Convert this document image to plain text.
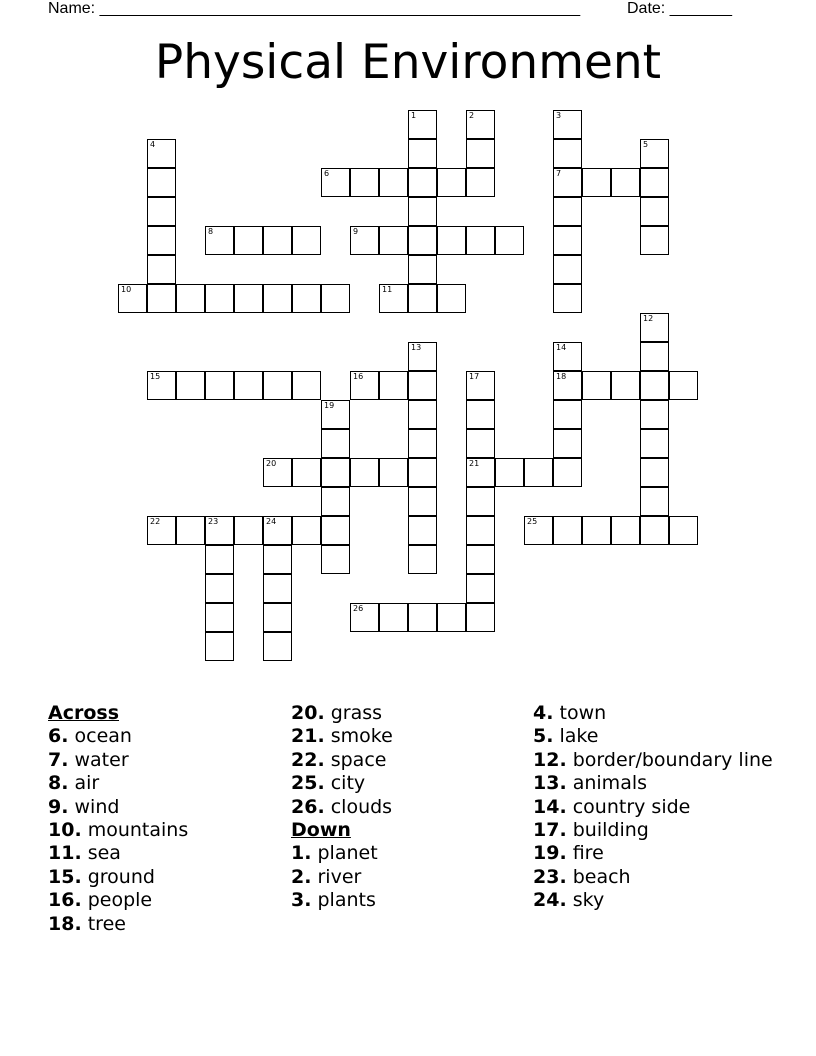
Name: ______________________________________________________	Date: _______
Physical Environment
1	2	3
7
4	5
6
8	9
10	11
12
13	14
18
15	16	17
21
19
20
22	23	24	25
26
Across
6. ocean
7. water
8. air
9. wind
10. mountains
11. sea
15. ground
16. people
18. tree
20. grass
21. smoke
22. space
25. city
26. clouds
Down
1. planet
2. river
3. plants
4. town
5. lake
12. border/boundary line
13. animals
14. country side
17. building
19. fire
23. beach
24. sky
